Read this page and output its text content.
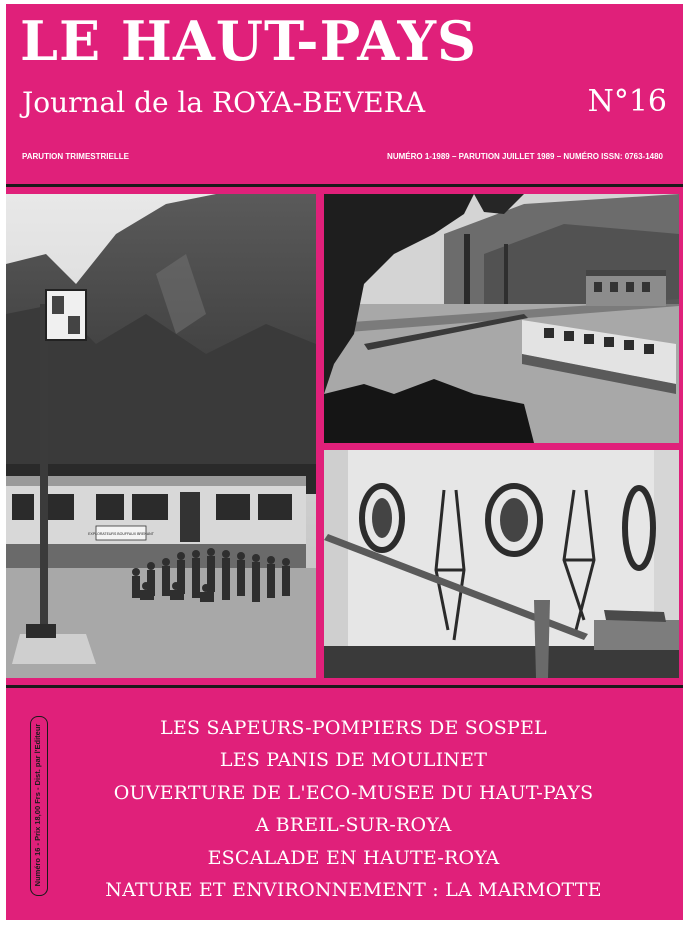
LE HAUT-PAYS
Journal de la ROYA-BEVERA	N°16
PARUTION TRIMESTRIELLE	NUMÉRO 1-1989 – PARUTION JUILLET 1989 – NUMÉRO ISSN: 0763-1480
EXPLORATEURS BOUFFAUX BRENANT
LES SAPEURS-POMPIERS DE SOSPEL
LES PANIS DE MOULINET
OUVERTURE DE L'ECO-MUSEE DU HAUT-PAYS
A BREIL-SUR-ROYA
ESCALADE EN HAUTE-ROYA
NATURE ET ENVIRONNEMENT : LA MARMOTTE
Numéro 16 - Prix 18,00 Frs - Dist. par l'Editeur
